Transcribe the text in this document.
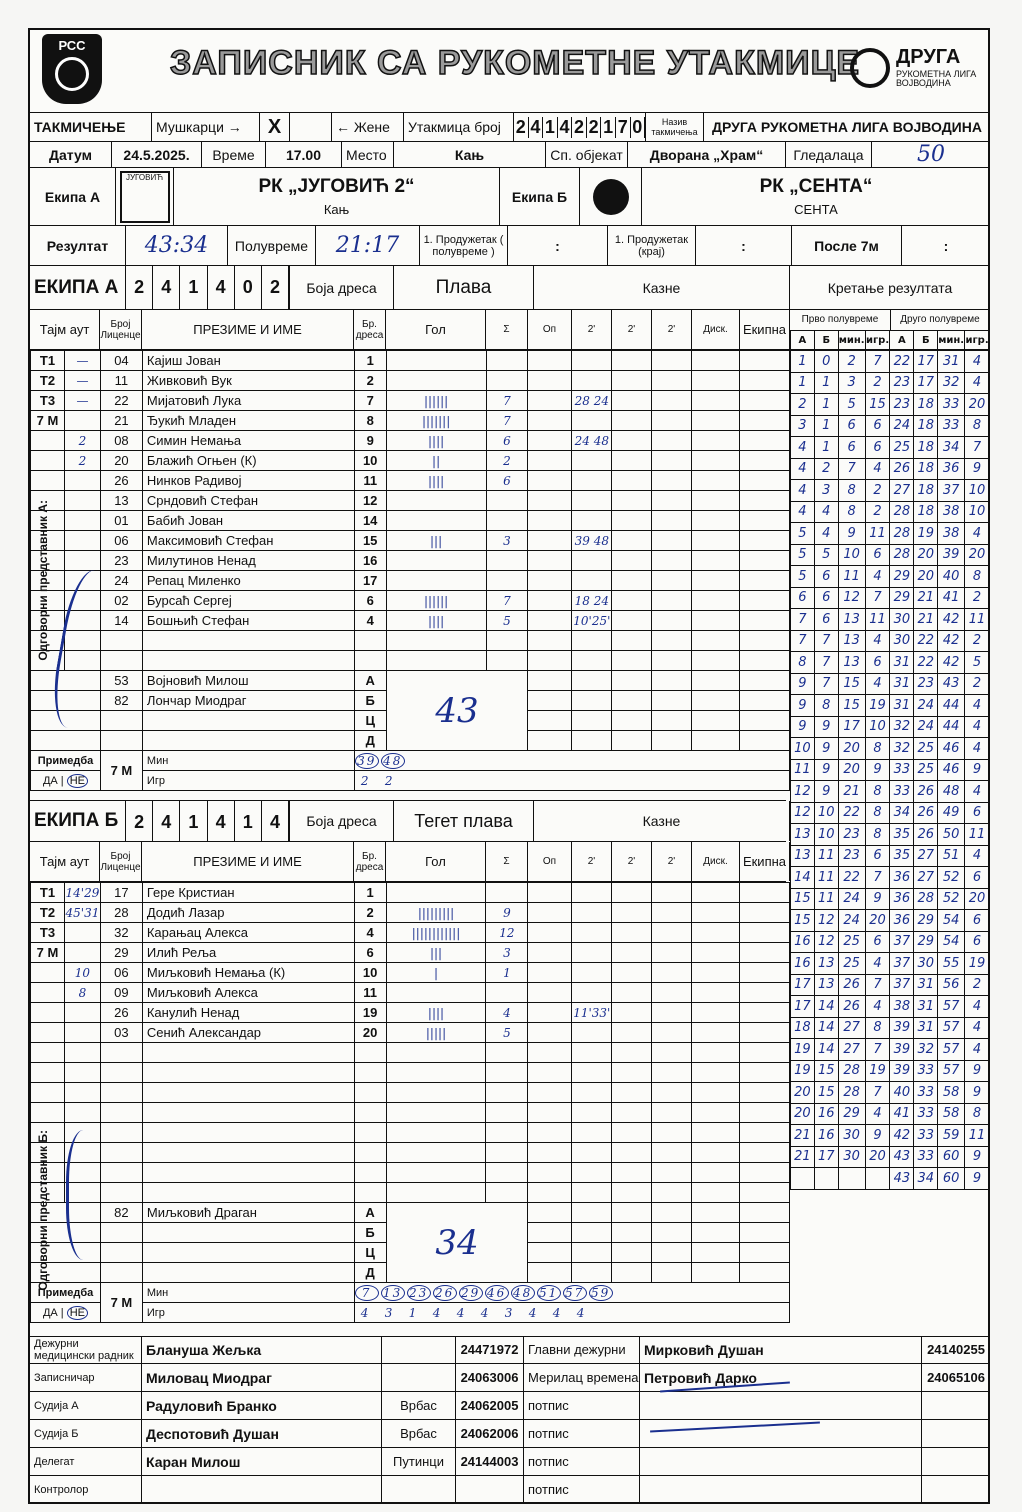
РСС	ЗАПИСНИК СА РУКОМЕТНЕ УТАКМИЦЕ ДРУГА
РУКОМЕТНА ЛИГА ВОЈВОДИНА
ТАКМИЧЕЊЕ	Мушкарци →	X	← Жене	Утакмица број 2 4 1 4 2 2 1 7 0	Назив такмичења	ДРУГА РУКОМЕТНА ЛИГА ВОЈВОДИНА
Датум	24.5.2025.	Време	17.00	Место	Кањ	Сп. објекат	Дворана „Храм“	Гледалаца	50
Екипа А
ЈУГОВИЋ	РК „ЈУГОВИЋ 2“
Кањ
Екипа Б	РК „СЕНТА“
СЕНТА
Резултат	43:34	Полувреме	21:17	1. Продужетак ( полувреме )	:	1. Продужетак (крај)	:	После 7м	:
ЕКИПА А 2 4 1 4 0 2	Боја дреса	Плава	Казне	Кретање резултата
Тајм аут	Број Лиценце	ПРЕЗИМЕ И ИМЕ	Бр. дреса	Гол	Σ	Оп	2'	2'	2'	Диск.	Екипна
T1	—	04	Кајиш Јован	1								
T2	—	11	Живковић Вук	2								
T3	—	22	Мијатовић Лука	7	||||||	7		28 24				
7 M		21	Ђукић Младен	8	|||||||	7						
	2	08	Симин Немања	9	||||	6		24 48				
	2	20	Блажић Огњен (К)	10	||	2						
		26	Нинков Радивој	11	||||	6						
		13	Срндовић Стефан	12								
		01	Бабић Јован	14								
		06	Максимовић Стефан	15	|||	3		39 48				
		23	Милутинов Ненад	16								
		24	Репац Миленко	17								
		02	Бурсаћ Сергеј	6	||||||	7		18 24				
		14	Бошњић Стефан	4	||||	5		10'25'				

		53	Војновић Милош	А	43							
		82	Лончар Миодраг	Б								
				Ц								
				Д								
Примедба		7 М	Мин	39 48								
ДА | НЕ			Игр	2 2								
ЕКИПА Б 2 4 1 4 1 4	Боја дреса	Тегет плава	Казне
Тајм аут	Број Лиценце	ПРЕЗИМЕ И ИМЕ	Бр. дреса	Гол	Σ	Оп	2'	2'	2'	Диск.	Екипна
T1	14'29	17	Гере Кристиан	1								
T2	45'31	28	Додић Лазар	2	|||||||||	9						
T3		32	Карањац Алекса	4	||||||||||||	12						
7 M		29	Илић Реља	6	|||	3						
	10	06	Миљковић Немања (К)	10	|	1						
	8	09	Миљковић Алекса	11								
		26	Канулић Ненад	19	||||	4		11'33'				
		03	Сенић Александар	20	|||||	5						

		82	Миљковић Драган	А	34							
				Б								
				Ц								
				Д								
Примедба		7 М	Мин	7 13 23 26 29 46 48 51 57 59								
ДА | НЕ			Игр	4 3 1 4 4 4 3 4 4 4								
Прво полувреме	Друго полувреме
А	Б	мин.	игр.	А	Б	мин.	игр.
1	0	2	7	22	17	31	4
1	1	3	2	23	17	32	4
2	1	5	15	23	18	33	20
3	1	6	6	24	18	33	8
4	1	6	6	25	18	34	7
4	2	7	4	26	18	36	9
4	3	8	2	27	18	37	10
4	4	8	2	28	18	38	10
5	4	9	11	28	19	38	4
5	5	10	6	28	20	39	20
5	6	11	4	29	20	40	8
6	6	12	7	29	21	41	2
7	6	13	11	30	21	42	11
7	7	13	4	30	22	42	2
8	7	13	6	31	22	42	5
9	7	15	4	31	23	43	2
9	8	15	19	31	24	44	4
9	9	17	10	32	24	44	4
10	9	20	8	32	25	46	4
11	9	20	9	33	25	46	9
12	9	21	8	33	26	48	4
12	10	22	8	34	26	49	6
13	10	23	8	35	26	50	11
13	11	23	6	35	27	51	4
14	11	22	7	36	27	52	6
15	11	24	9	36	28	52	20
15	12	24	20	36	29	54	6
16	12	25	6	37	29	54	6
16	13	25	4	37	30	55	19
17	13	26	7	37	31	56	2
17	14	26	4	38	31	57	4
18	14	27	8	39	31	57	4
19	14	27	7	39	32	57	4
19	15	28	19	39	33	57	9
20	15	28	7	40	33	58	9
20	16	29	4	41	33	58	8
21	16	30	9	42	33	59	11
21	17	30	20	43	33	60	9
				43	34	60	9
Дежурни медицински радник Блануша Жељка	24471972 Главни дежурни	Мирковић Душан	24140255
Записничар	Миловац Миодраг	24063006 Мерилац времена Петровић Дарко	24065106
Судија А	Радуловић Бранко	Врбас	24062005 потпис
Судија Б	Деспотовић Душан	Врбас	24062006 потпис
Делегат	Каран Милош	Путинци	24144003 потпис
Контролор	потпис
Одговорни представник А:
Одговорни представник Б:
